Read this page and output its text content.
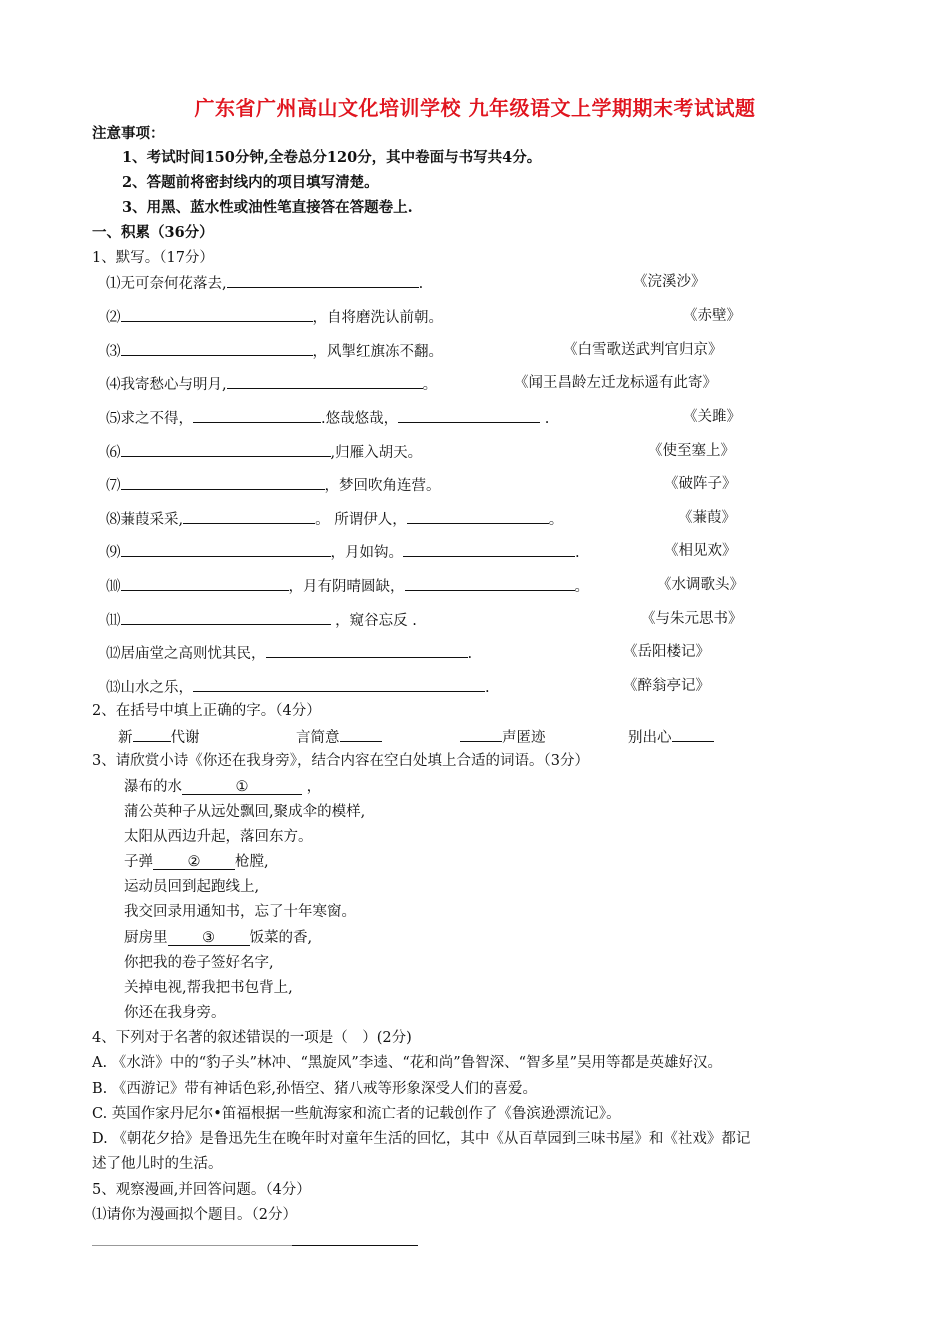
广东省广州高山文化培训学校 九年级语文上学期期末考试试题
注意事项：
1、考试时间150分钟,全卷总分120分，其中卷面与书写共4分。
2、答题前将密封线内的项目填写清楚。
3、用黑、蓝水性或油性笔直接答在答题卷上.
一、积累（36分）
1、默写。（17分）
⑴无可奈何花落去,	.	《浣溪沙》
⑵	，自将磨洗认前朝。	《赤壁》
⑶	，风掣红旗冻不翻。	《白雪歌送武判官归京》
⑷我寄愁心与明月,	。	《闻王昌龄左迁龙标遥有此寄》
⑸求之不得，	.悠哉悠哉，	.	《关雎》
⑹	,归雁入胡天。	《使至塞上》
⑺	，梦回吹角连营。	《破阵子》
⑻蒹葭采采,	。 所谓伊人，	。	《蒹葭》
⑼	，月如钩。	.	《相见欢》
⑽	，月有阴晴圆缺，	。	《水调歌头》
⑾	，窥谷忘反 .	《与朱元思书》
⑿居庙堂之高则忧其民，	.	《岳阳楼记》
⒀山水之乐，	.	《醉翁亭记》
2、在括号中填上正确的字。（4分）
新	代谢	言简意	声匿迹	别出心
3、请欣赏小诗《你还在我身旁》，结合内容在空白处填上合适的词语。（3分）
瀑布的水	①	，
蒲公英种子从远处飘回,聚成伞的模样,
太阳从西边升起，落回东方。
子弹 ② 枪膛,
运动员回到起跑线上,
我交回录用通知书，忘了十年寒窗。
厨房里 ③ 饭菜的香,
你把我的卷子签好名字,
关掉电视,帮我把书包背上,
你还在我身旁。
4、下列对于名著的叙述错误的一项是（　）(2分)
A. 《水浒》中的“豹子头”林冲、“黑旋风”李逵、“花和尚”鲁智深、“智多星”吴用等都是英雄好汉。
B. 《西游记》带有神话色彩,孙悟空、猪八戒等形象深受人们的喜爱。
C. 英国作家丹尼尔•笛福根据一些航海家和流亡者的记载创作了《鲁滨逊漂流记》。
D. 《朝花夕拾》是鲁迅先生在晚年时对童年生活的回忆，其中《从百草园到三味书屋》和《社戏》都记
述了他儿时的生活。
5、观察漫画,并回答问题。（4分）
⑴请你为漫画拟个题目。（2分）
